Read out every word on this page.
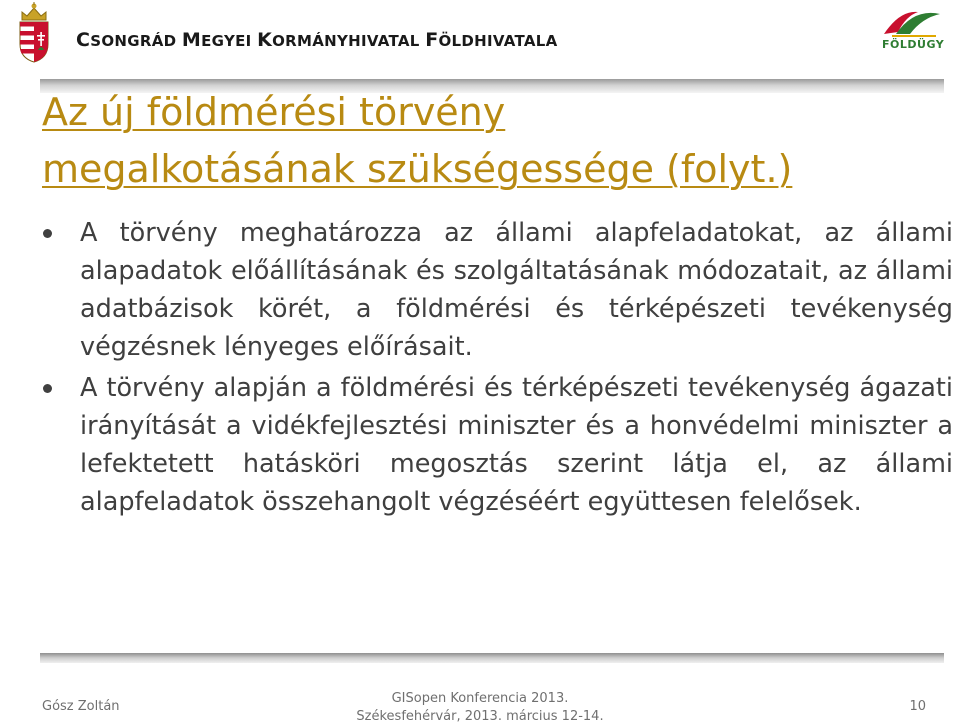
CSONGRÁD MEGYEI KORMÁNYHIVATAL FÖLDHIVATALA	FÖLDÜGY
Az új földmérési törvény
megalkotásának szükségessége (folyt.)

A törvény meghatározza az állami alapfeladatokat, az állami alapadatok előállításának és szolgáltatásának módozatait, az állami adatbázisok körét, a földmérési és térképészeti tevékenység végzésnek lényeges előírásait.

A törvény alapján a földmérési és térképészeti tevékenység ágazati irányítását a vidékfejlesztési miniszter és a honvédelmi miniszter a lefektetett hatásköri megosztás szerint látja el, az állami alapfeladatok összehangolt végzéséért együttesen felelősek.

Gósz Zoltán
GISopen Konferencia 2013.
Székesfehérvár, 2013. március 12-14.
10
